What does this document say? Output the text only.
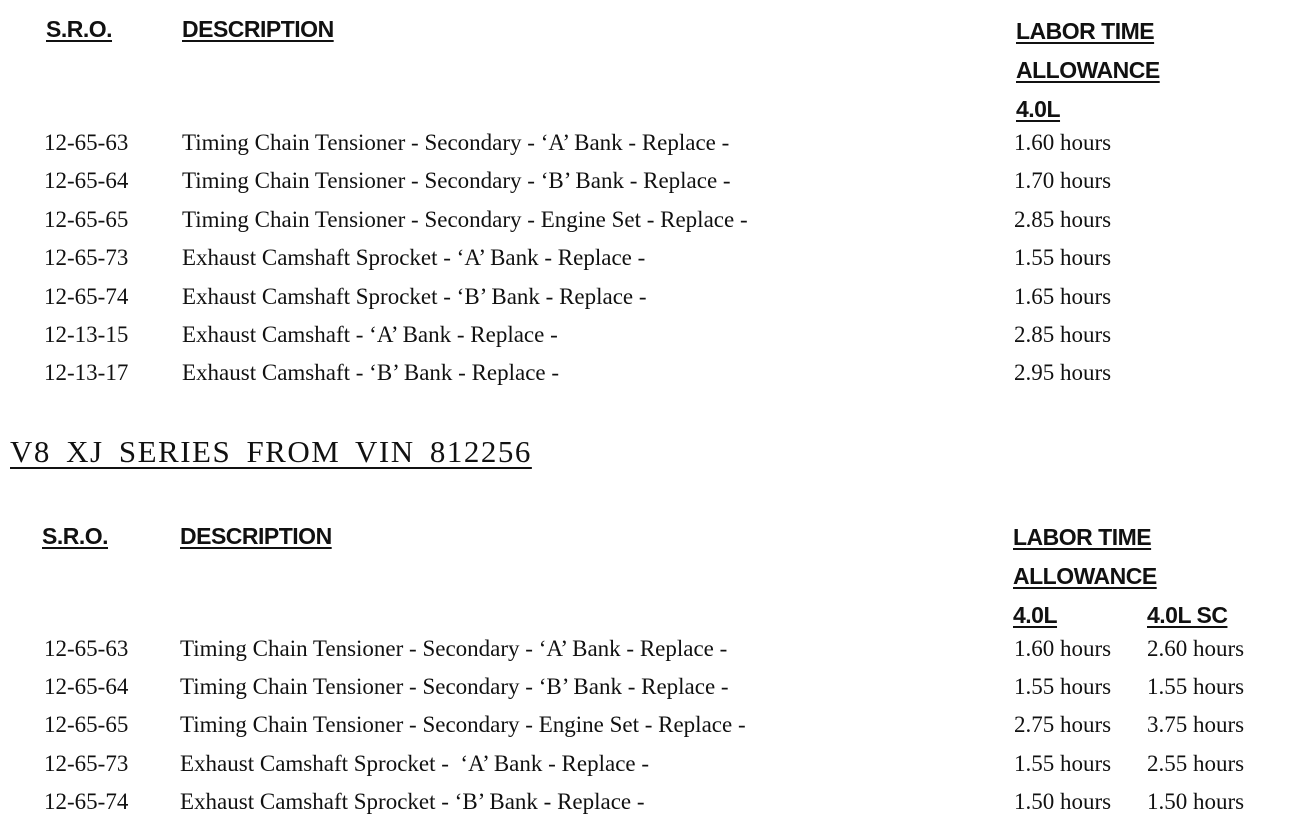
S.R.O.	DESCRIPTION	LABOR TIME
ALLOWANCE
4.0L
12-65-63 Timing Chain Tensioner - Secondary - ‘A’ Bank - Replace -	1.60 hours
12-65-64 Timing Chain Tensioner - Secondary - ‘B’ Bank - Replace -	1.70 hours
12-65-65 Timing Chain Tensioner - Secondary - Engine Set - Replace -	2.85 hours
12-65-73 Exhaust Camshaft Sprocket - ‘A’ Bank - Replace -	1.55 hours
12-65-74 Exhaust Camshaft Sprocket - ‘B’ Bank - Replace -	1.65 hours
12-13-15 Exhaust Camshaft - ‘A’ Bank - Replace -	2.85 hours
12-13-17 Exhaust Camshaft - ‘B’ Bank - Replace -	2.95 hours
V8 XJ SERIES FROM VIN 812256
S.R.O.	DESCRIPTION	LABOR TIME
ALLOWANCE
4.0L	4.0L SC
12-65-63 Timing Chain Tensioner - Secondary - ‘A’ Bank - Replace -	1.60 hours 2.60 hours
12-65-64 Timing Chain Tensioner - Secondary - ‘B’ Bank - Replace -	1.55 hours 1.55 hours
12-65-65 Timing Chain Tensioner - Secondary - Engine Set - Replace -	2.75 hours 3.75 hours
12-65-73 Exhaust Camshaft Sprocket -  ‘A’ Bank - Replace -	1.55 hours 2.55 hours
12-65-74 Exhaust Camshaft Sprocket - ‘B’ Bank - Replace -	1.50 hours 1.50 hours
